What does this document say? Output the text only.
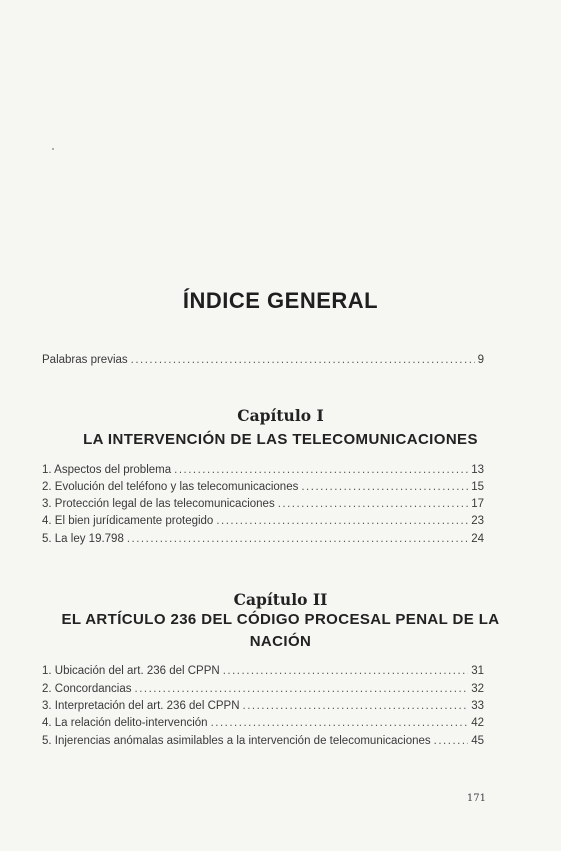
ÍNDICE GENERAL
Palabras previas .....	9
Capítulo I
LA INTERVENCIÓN DE LAS TELECOMUNICACIONES
1. Aspectos del problema .....	13
2. Evolución del teléfono y las telecomunicaciones .....	15
3. Protección legal de las telecomunicaciones .....	17
4. El bien jurídicamente protegido .....	23
5. La ley 19.798 .....	24
Capítulo II
EL ARTÍCULO 236 DEL CÓDIGO PROCESAL PENAL DE LA NACIÓN
1. Ubicación del art. 236 del CPPN .....	31
2. Concordancias .....	32
3. Interpretación del art. 236 del CPPN .....	33
4. La relación delito-intervención .....	42
5. Injerencias anómalas asimilables a la intervención de telecomunicaciones .....	45
171
